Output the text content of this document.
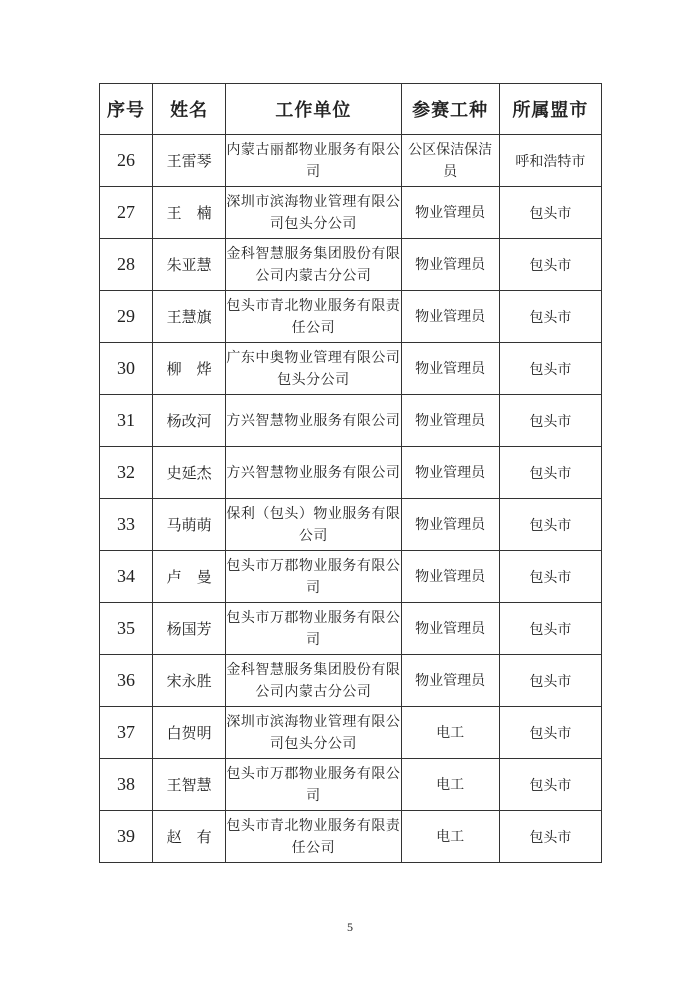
序号	姓名	工作单位	参赛工种	所属盟市
26	王雷琴	内蒙古丽都物业服务有限公司	公区保洁保洁员	呼和浩特市
27	王　楠	深圳市滨海物业管理有限公司包头分公司	物业管理员	包头市
28	朱亚慧	金科智慧服务集团股份有限公司内蒙古分公司	物业管理员	包头市
29	王慧旗	包头市青北物业服务有限责任公司	物业管理员	包头市
30	柳　烨	广东中奥物业管理有限公司包头分公司	物业管理员	包头市
31	杨改河	方兴智慧物业服务有限公司	物业管理员	包头市
32	史延杰	方兴智慧物业服务有限公司	物业管理员	包头市
33	马萌萌	保利（包头）物业服务有限公司	物业管理员	包头市
34	卢　曼	包头市万郡物业服务有限公司	物业管理员	包头市
35	杨国芳	包头市万郡物业服务有限公司	物业管理员	包头市
36	宋永胜	金科智慧服务集团股份有限公司内蒙古分公司	物业管理员	包头市
37	白贺明	深圳市滨海物业管理有限公司包头分公司	电工	包头市
38	王智慧	包头市万郡物业服务有限公司	电工	包头市
39	赵　有	包头市青北物业服务有限责任公司	电工	包头市
5
